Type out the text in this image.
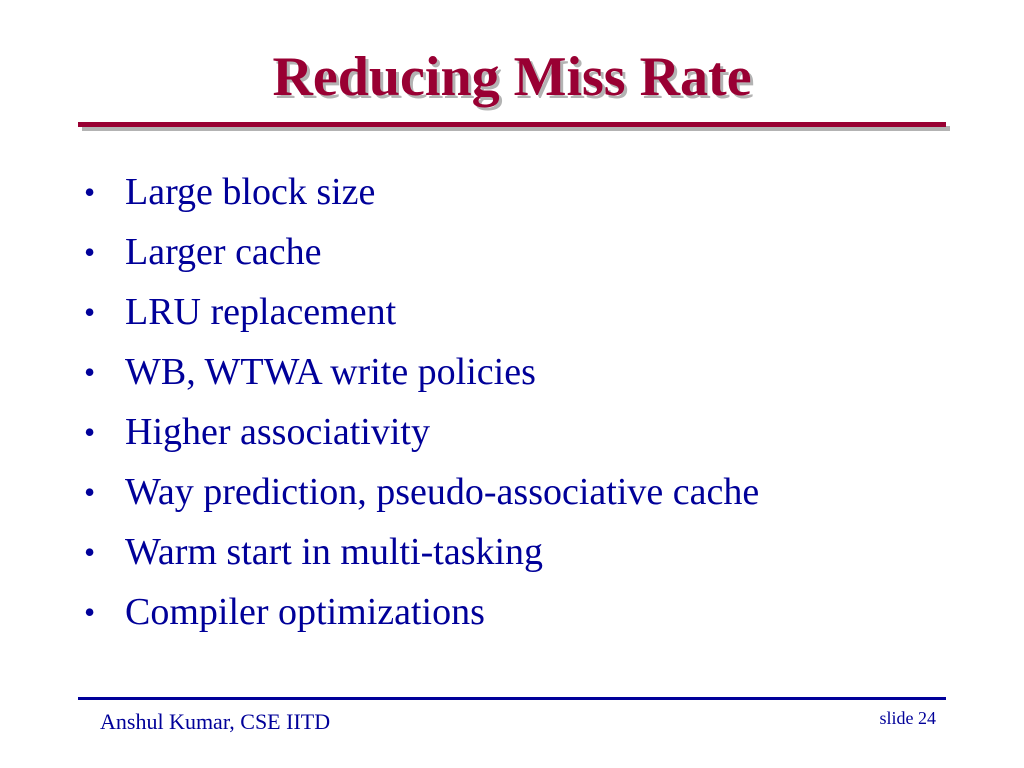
Reducing Miss Rate
• Large block size
• Larger cache
• LRU replacement
• WB, WTWA write policies
• Higher associativity
• Way prediction, pseudo-associative cache
• Warm start in multi-tasking
• Compiler optimizations
Anshul Kumar, CSE IITD	slide 24
